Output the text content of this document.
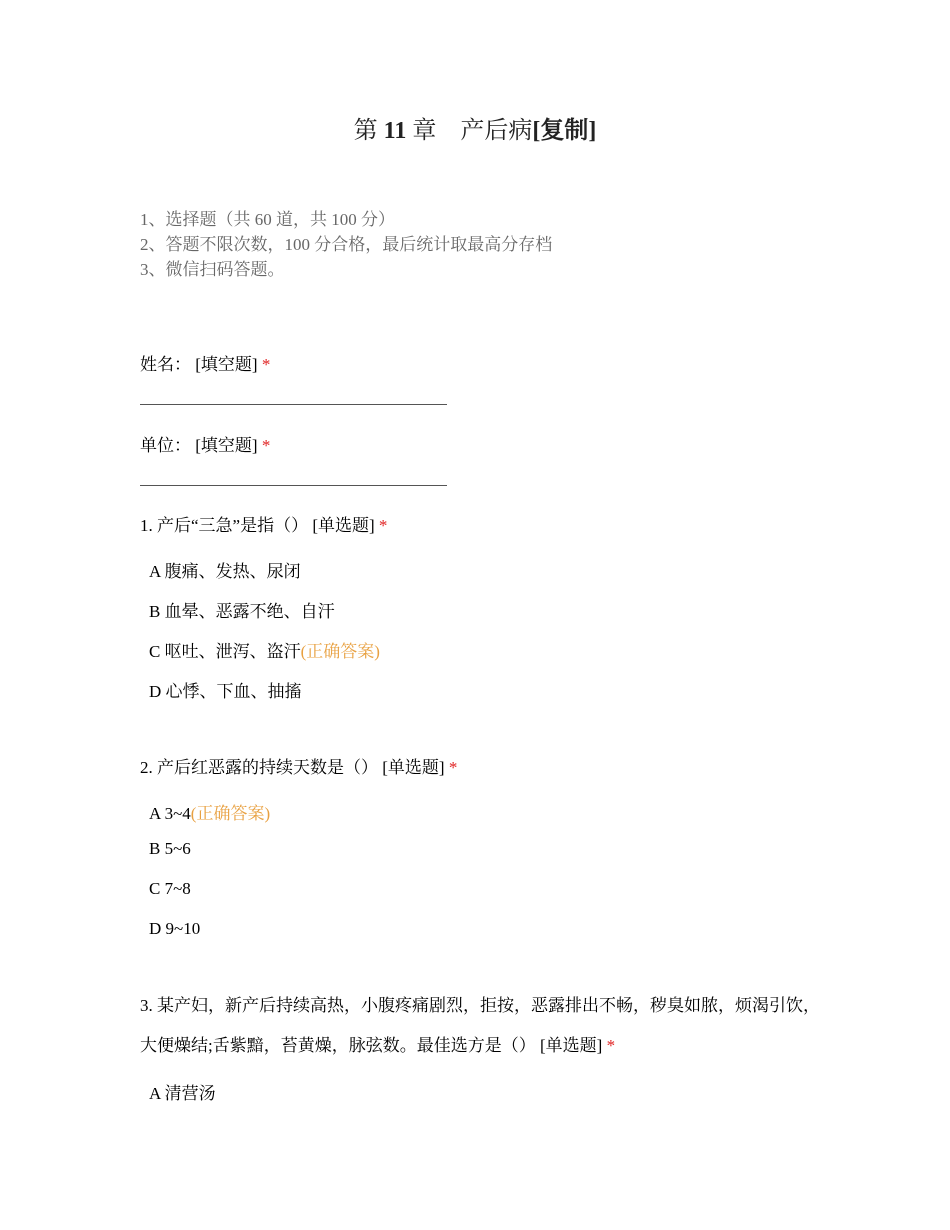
第 11 章　产后病[复制]
1、选择题（共 60 道，共 100 分）
2、答题不限次数，100 分合格，最后统计取最高分存档
3、微信扫码答题。
姓名： [填空题] *
单位： [填空题] *
1. 产后“三急”是指（） [单选题] *
A 腹痛、发热、尿闭
B 血晕、恶露不绝、自汗
C 呕吐、泄泻、盗汗(正确答案)
D 心悸、下血、抽搐
2. 产后红恶露的持续天数是（） [单选题] *
A 3~4(正确答案)
B 5~6
C 7~8
D 9~10
3. 某产妇，新产后持续高热，小腹疼痛剧烈，拒按，恶露排出不畅，秽臭如脓，烦渴引饮，大便燥结;舌紫黯，苔黄燥，脉弦数。最佳选方是（） [单选题] *
A 清营汤
